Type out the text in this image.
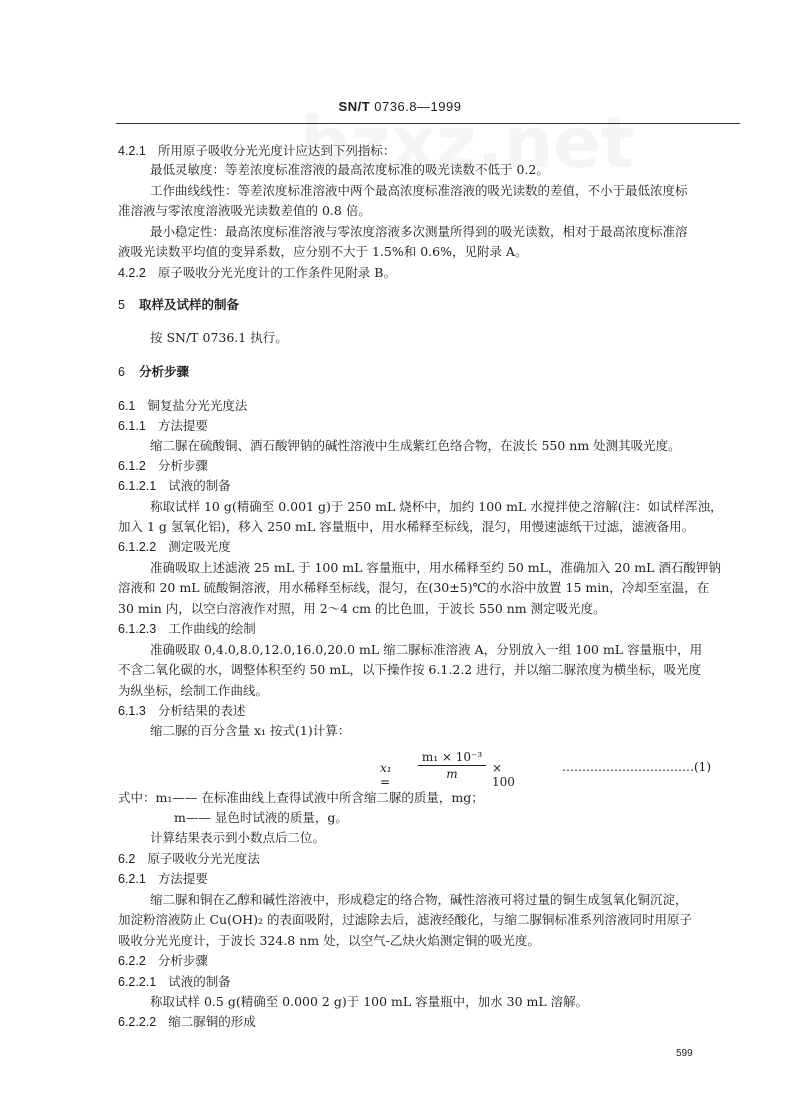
SN/T 0736.8—1999
4.2.1 所用原子吸收分光光度计应达到下列指标：
最低灵敏度：等差浓度标准溶液的最高浓度标准的吸光读数不低于 0.2。
工作曲线线性：等差浓度标准溶液中两个最高浓度标准溶液的吸光读数的差值，不小于最低浓度标
准溶液与零浓度溶液吸光读数差值的 0.8 倍。
最小稳定性：最高浓度标准溶液与零浓度溶液多次测量所得到的吸光读数，相对于最高浓度标准溶
液吸光读数平均值的变异系数，应分别不大于 1.5%和 0.6%，见附录 A。
4.2.2 原子吸收分光光度计的工作条件见附录 B。
5 取样及试样的制备
按 SN/T 0736.1 执行。
6 分析步骤
6.1 铜复盐分光光度法
6.1.1 方法提要
缩二脲在硫酸铜、酒石酸钾钠的碱性溶液中生成紫红色络合物，在波长 550 nm 处测其吸光度。
6.1.2 分析步骤
6.1.2.1 试液的制备
称取试样 10 g(精确至 0.001 g)于 250 mL 烧杯中，加约 100 mL 水搅拌使之溶解(注：如试样浑浊，
加入 1 g 氢氧化铝)，移入 250 mL 容量瓶中，用水稀释至标线，混匀，用慢速滤纸干过滤，滤液备用。
6.1.2.2 测定吸光度
准确吸取上述滤液 25 mL 于 100 mL 容量瓶中，用水稀释至约 50 mL，准确加入 20 mL 酒石酸钾钠
溶液和 20 mL 硫酸铜溶液，用水稀释至标线，混匀，在(30±5)℃的水浴中放置 15 min，冷却至室温，在
30 min 内，以空白溶液作对照，用 2～4 cm 的比色皿，于波长 550 nm 测定吸光度。
6.1.2.3 工作曲线的绘制
准确吸取 0,4.0,8.0,12.0,16.0,20.0 mL 缩二脲标准溶液 A，分别放入一组 100 mL 容量瓶中，用
不含二氧化碳的水，调整体积至约 50 mL，以下操作按 6.1.2.2 进行，并以缩二脲浓度为横坐标，吸光度
为纵坐标，绘制工作曲线。
6.1.3 分析结果的表述
缩二脲的百分含量 x₁ 按式(1)计算：
式中：m₁—— 在标准曲线上查得试液中所含缩二脲的质量，mg；
m—— 显色时试液的质量，g。
计算结果表示到小数点后二位。
6.2 原子吸收分光光度法
6.2.1 方法提要
缩二脲和铜在乙醇和碱性溶液中，形成稳定的络合物，碱性溶液可将过量的铜生成氢氧化铜沉淀，
加淀粉溶液防止 Cu(OH)₂ 的表面吸附，过滤除去后，滤液经酸化，与缩二脲铜标准系列溶液同时用原子
吸收分光光度计，于波长 324.8 nm 处，以空气-乙炔火焰测定铜的吸光度。
6.2.2 分析步骤
6.2.2.1 试液的制备
称取试样 0.5 g(精确至 0.000 2 g)于 100 mL 容量瓶中，加水 30 mL 溶解。
6.2.2.2 缩二脲铜的形成
x₁ =
$\frac{\text{m₁ × 10⁻³}}{m} \times 100$
……………………………(1)
599
